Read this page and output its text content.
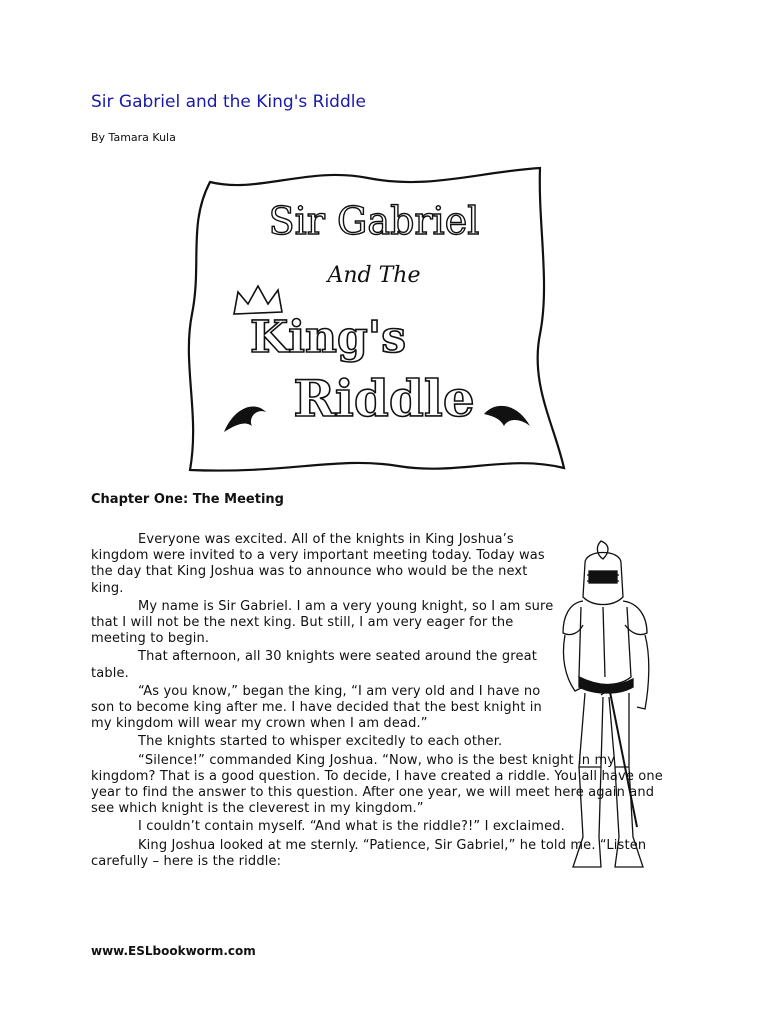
Sir Gabriel and the King's Riddle
By Tamara Kula
Sir Gabriel
And The
King's
Riddle
Chapter One: The Meeting

Everyone was excited. All of the knights in King Joshua’s kingdom were invited to a very important meeting today. Today was the day that King Joshua was to announce who would be the next king.

My name is Sir Gabriel. I am a very young knight, so I am sure that I will not be the next king. But still, I am very eager for the meeting to begin.

That afternoon, all 30 knights were seated around the great table.

“As you know,” began the king, “I am very old and I have no son to become king after me. I have decided that the best knight in my kingdom will wear my crown when I am dead.”

The knights started to whisper excitedly to each other.

“Silence!” commanded King Joshua. “Now, who is the best knight in my kingdom? That is a good question. To decide, I have created a riddle. You all have one year to find the answer to this question. After one year, we will meet here again and see which knight is the cleverest in my kingdom.”

I couldn’t contain myself. “And what is the riddle?!” I exclaimed.

King Joshua looked at me sternly. “Patience, Sir Gabriel,” he told me. “Listen carefully – here is the riddle:

www.ESLbookworm.com
